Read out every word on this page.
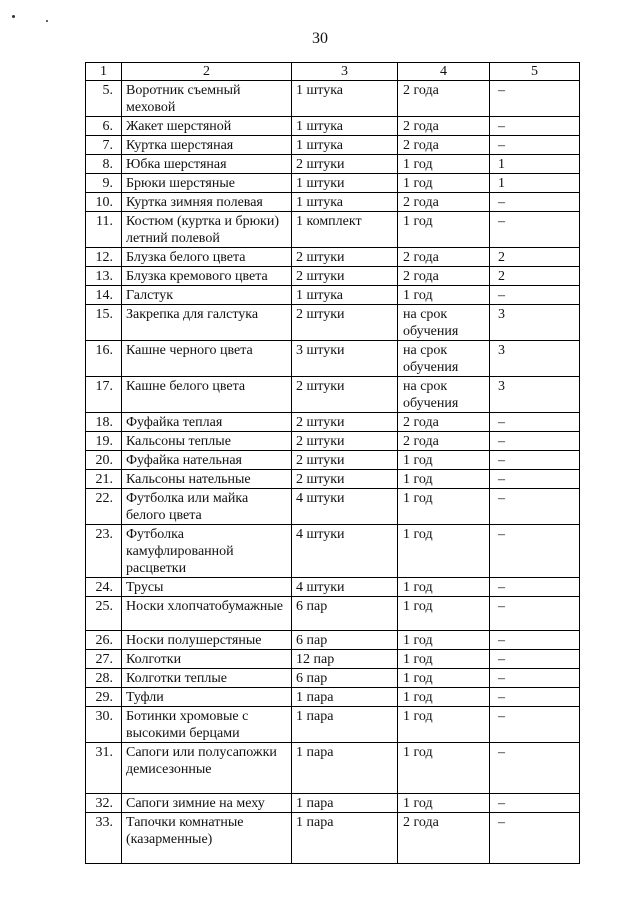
30
1	2	3	4	5
5.	Воротник съемный меховой	1 штука	2 года	–
6.	Жакет шерстяной	1 штука	2 года	–
7.	Куртка шерстяная	1 штука	2 года	–
8.	Юбка шерстяная	2 штуки	1 год	1
9.	Брюки шерстяные	1 штуки	1 год	1
10.	Куртка зимняя полевая	1 штука	2 года	–
11.	Костюм (куртка и брюки) летний полевой	1 комплект	1 год	–
12.	Блузка белого цвета	2 штуки	2 года	2
13.	Блузка кремового цвета	2 штуки	2 года	2
14.	Галстук	1 штука	1 год	–
15.	Закрепка для галстука	2 штуки	на срок обучения	3
16.	Кашне черного цвета	3 штуки	на срок обучения	3
17.	Кашне белого цвета	2 штуки	на срок обучения	3
18.	Фуфайка теплая	2 штуки	2 года	–
19.	Кальсоны теплые	2 штуки	2 года	–
20.	Фуфайка нательная	2 штуки	1 год	–
21.	Кальсоны нательные	2 штуки	1 год	–
22.	Футболка или майка белого цвета	4 штуки	1 год	–
23.	Футболка камуфлированной расцветки	4 штуки	1 год	–
24.	Трусы	4 штуки	1 год	–
25.	Носки хлопчатобумажные	6 пар	1 год	–
26.	Носки полушерстяные	6 пар	1 год	–
27.	Колготки	12 пар	1 год	–
28.	Колготки теплые	6 пар	1 год	–
29.	Туфли	1 пара	1 год	–
30.	Ботинки хромовые с высокими берцами	1 пара	1 год	–
31.	Сапоги или полусапожки демисезонные	1 пара	1 год	–
32.	Сапоги зимние на меху	1 пара	1 год	–
33.	Тапочки комнатные (казарменные)	1 пара	2 года	–
